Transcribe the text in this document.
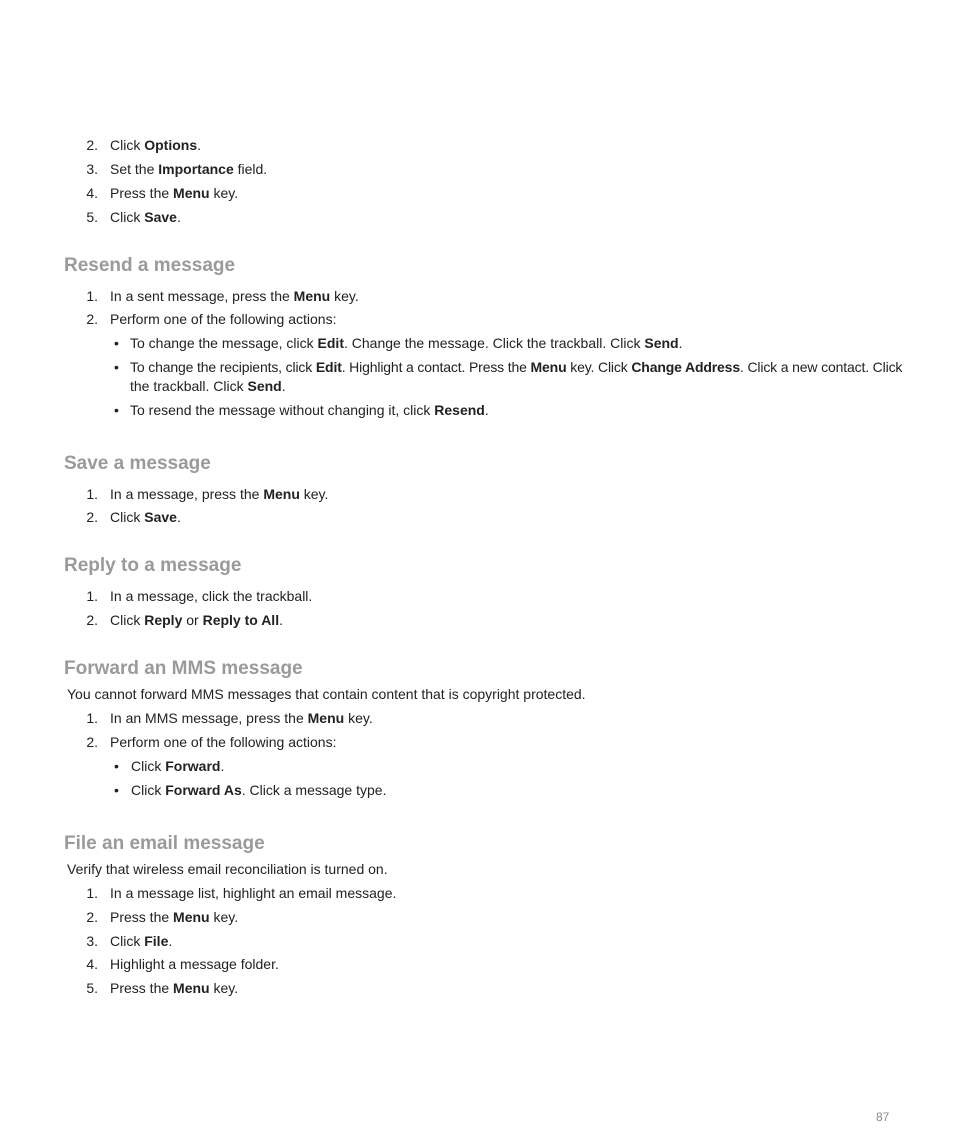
2. Click Options.
3. Set the Importance field.
4. Press the Menu key.
5. Click Save.
Resend a message
1. In a sent message, press the Menu key.
2. Perform one of the following actions:
• To change the message, click Edit. Change the message. Click the trackball. Click Send.
• To change the recipients, click Edit. Highlight a contact. Press the Menu key. Click Change Address. Click a new contact. Click
the trackball. Click Send.
• To resend the message without changing it, click Resend.
Save a message
1. In a message, press the Menu key.
2. Click Save.
Reply to a message
1. In a message, click the trackball.
2. Click Reply or Reply to All.
Forward an MMS message
You cannot forward MMS messages that contain content that is copyright protected.
1. In an MMS message, press the Menu key.
2. Perform one of the following actions:
• Click Forward.
• Click Forward As. Click a message type.
File an email message
Verify that wireless email reconciliation is turned on.
1. In a message list, highlight an email message.
2. Press the Menu key.
3. Click File.
4. Highlight a message folder.
5. Press the Menu key.
87
